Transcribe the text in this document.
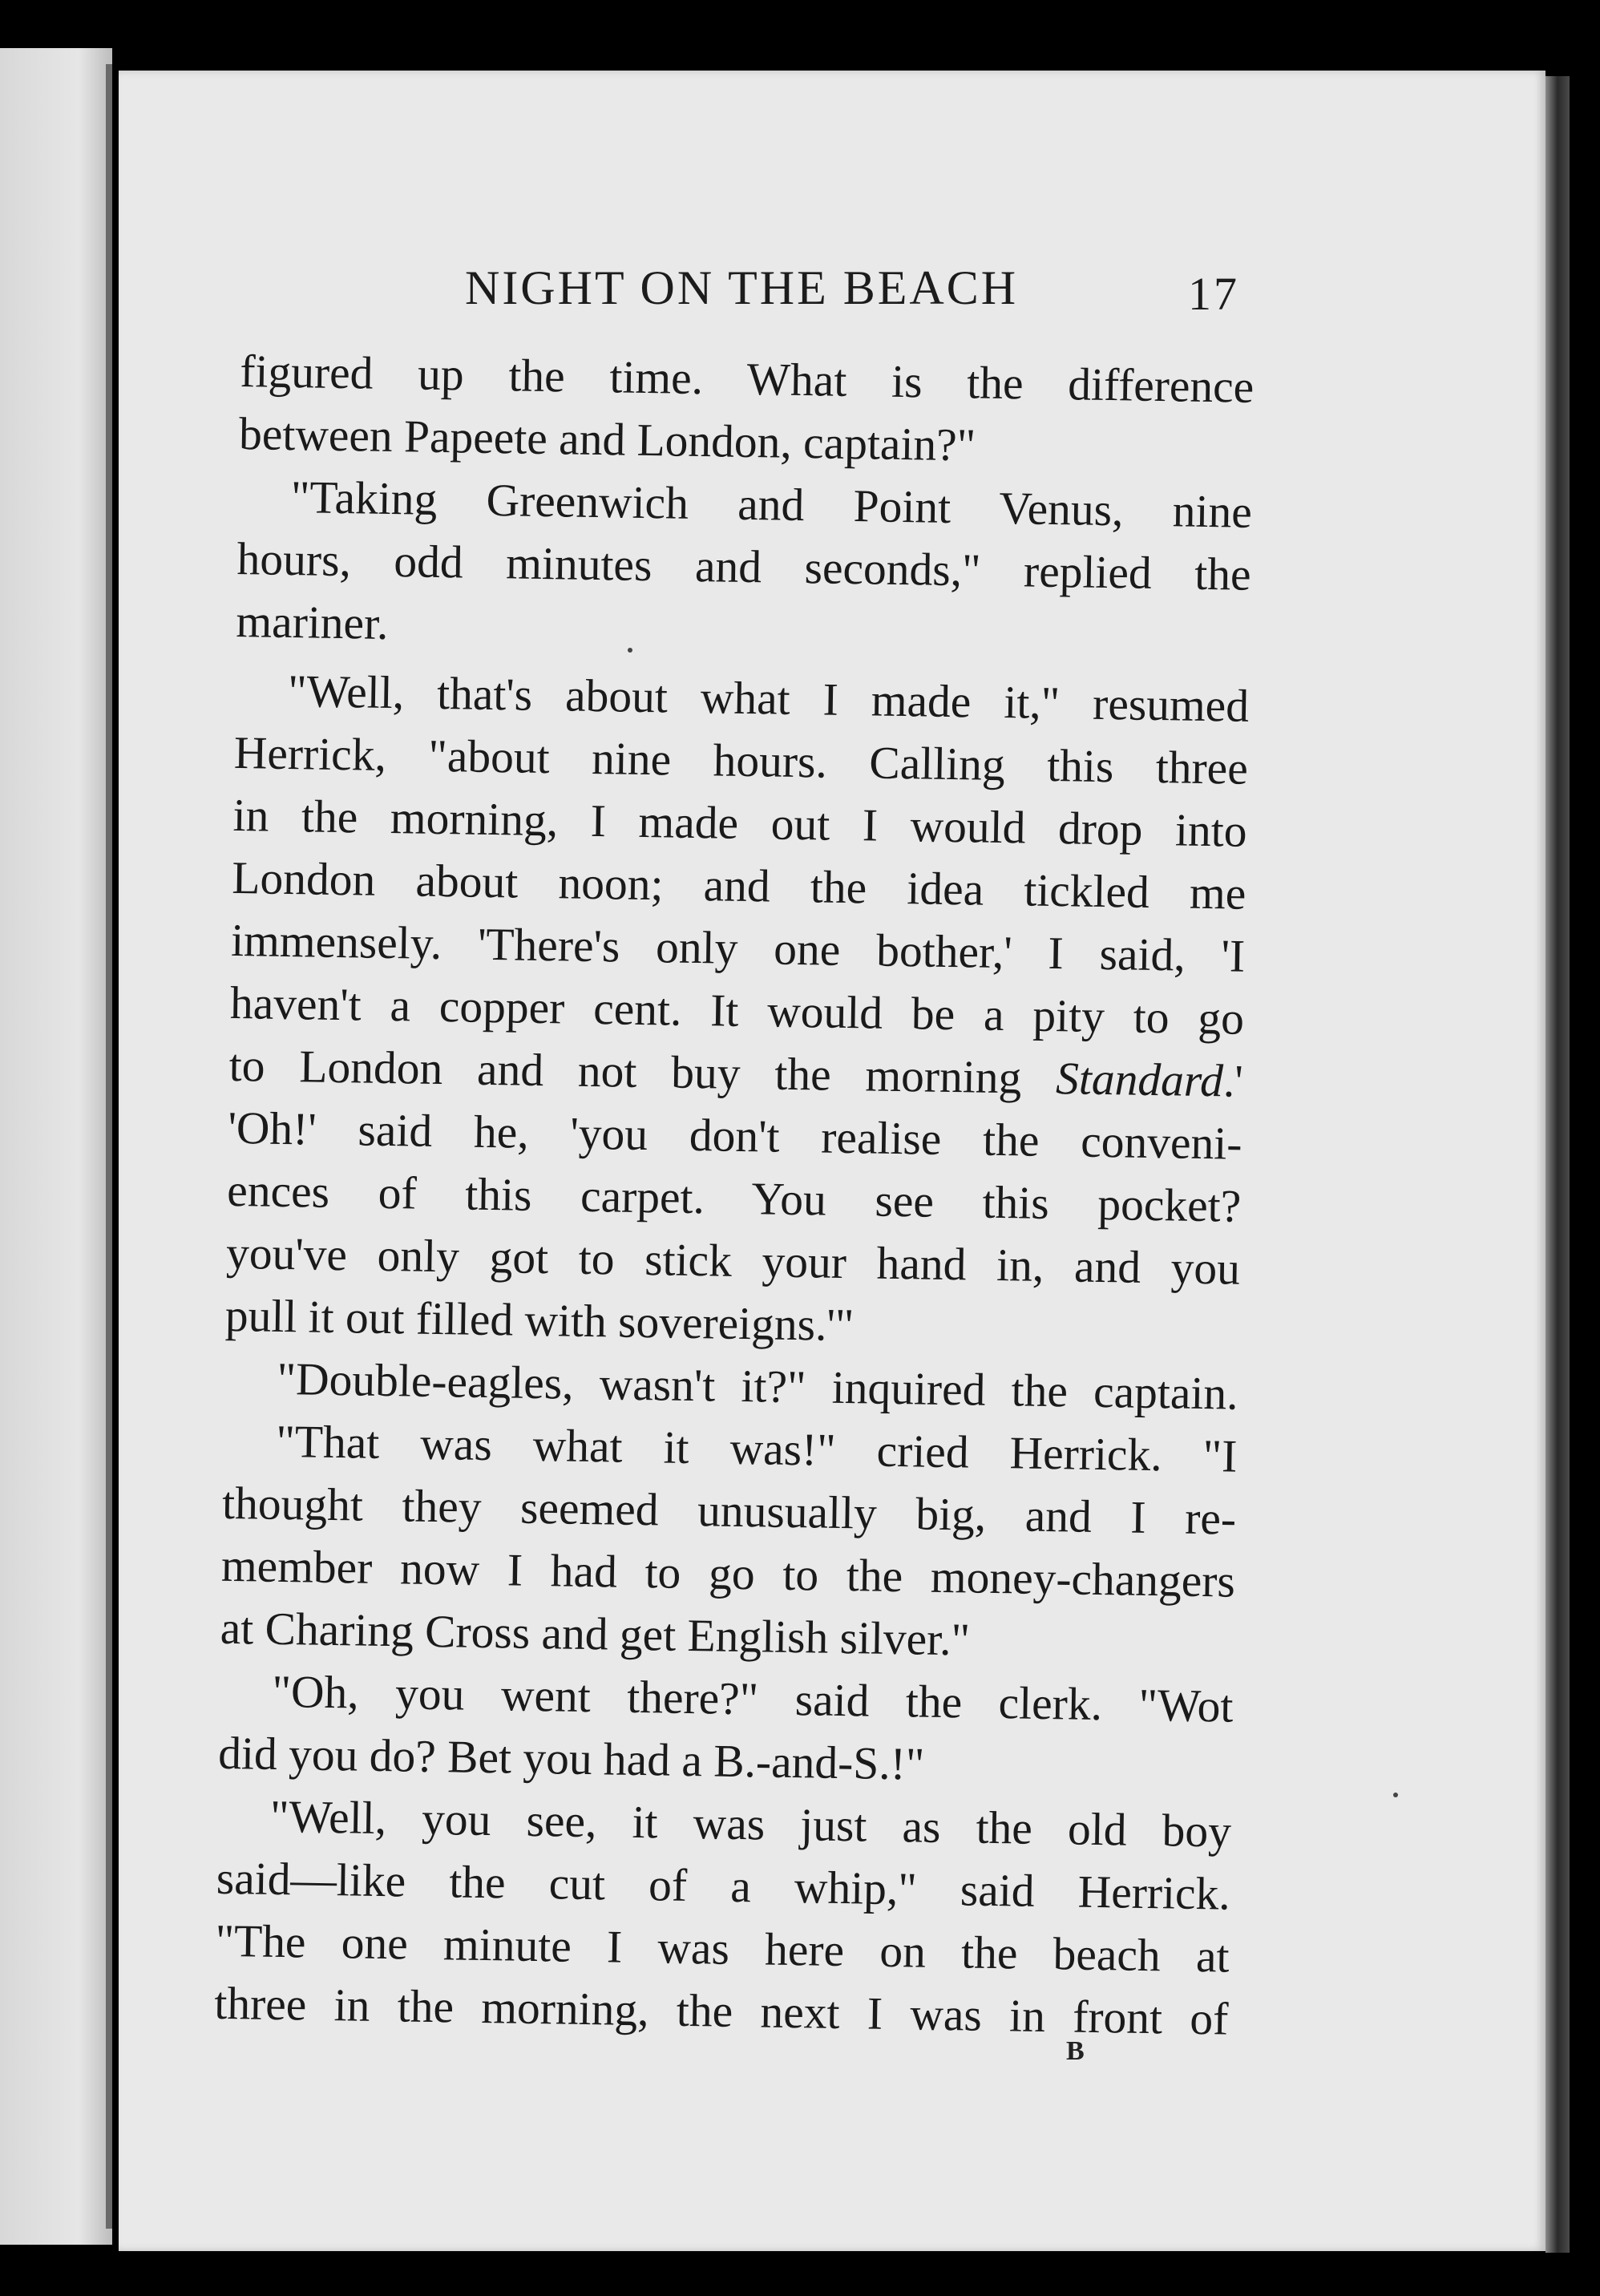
NIGHT ON THE BEACH	17
figured up the time. What is the difference
between Papeete and London, captain?"
"Taking Greenwich and Point Venus, nine
hours, odd minutes and seconds," replied the
mariner.
"Well, that's about what I made it," resumed
Herrick, "about nine hours. Calling this three
in the morning, I made out I would drop into
London about noon; and the idea tickled me
immensely. 'There's only one bother,' I said, 'I
haven't a copper cent. It would be a pity to go
to London and not buy the morning Standard.'
'Oh!' said he, 'you don't realise the conveni-
ences of this carpet. You see this pocket?
you've only got to stick your hand in, and you
pull it out filled with sovereigns.'"
"Double-eagles, wasn't it?" inquired the captain.
"That was what it was!" cried Herrick. "I
thought they seemed unusually big, and I re-
member now I had to go to the money-changers
at Charing Cross and get English silver."
"Oh, you went there?" said the clerk. "Wot
did you do? Bet you had a B.-and-S.!"
"Well, you see, it was just as the old boy
said—like the cut of a whip," said Herrick.
"The one minute I was here on the beach at
three in the morning, the next I was in front of
B
